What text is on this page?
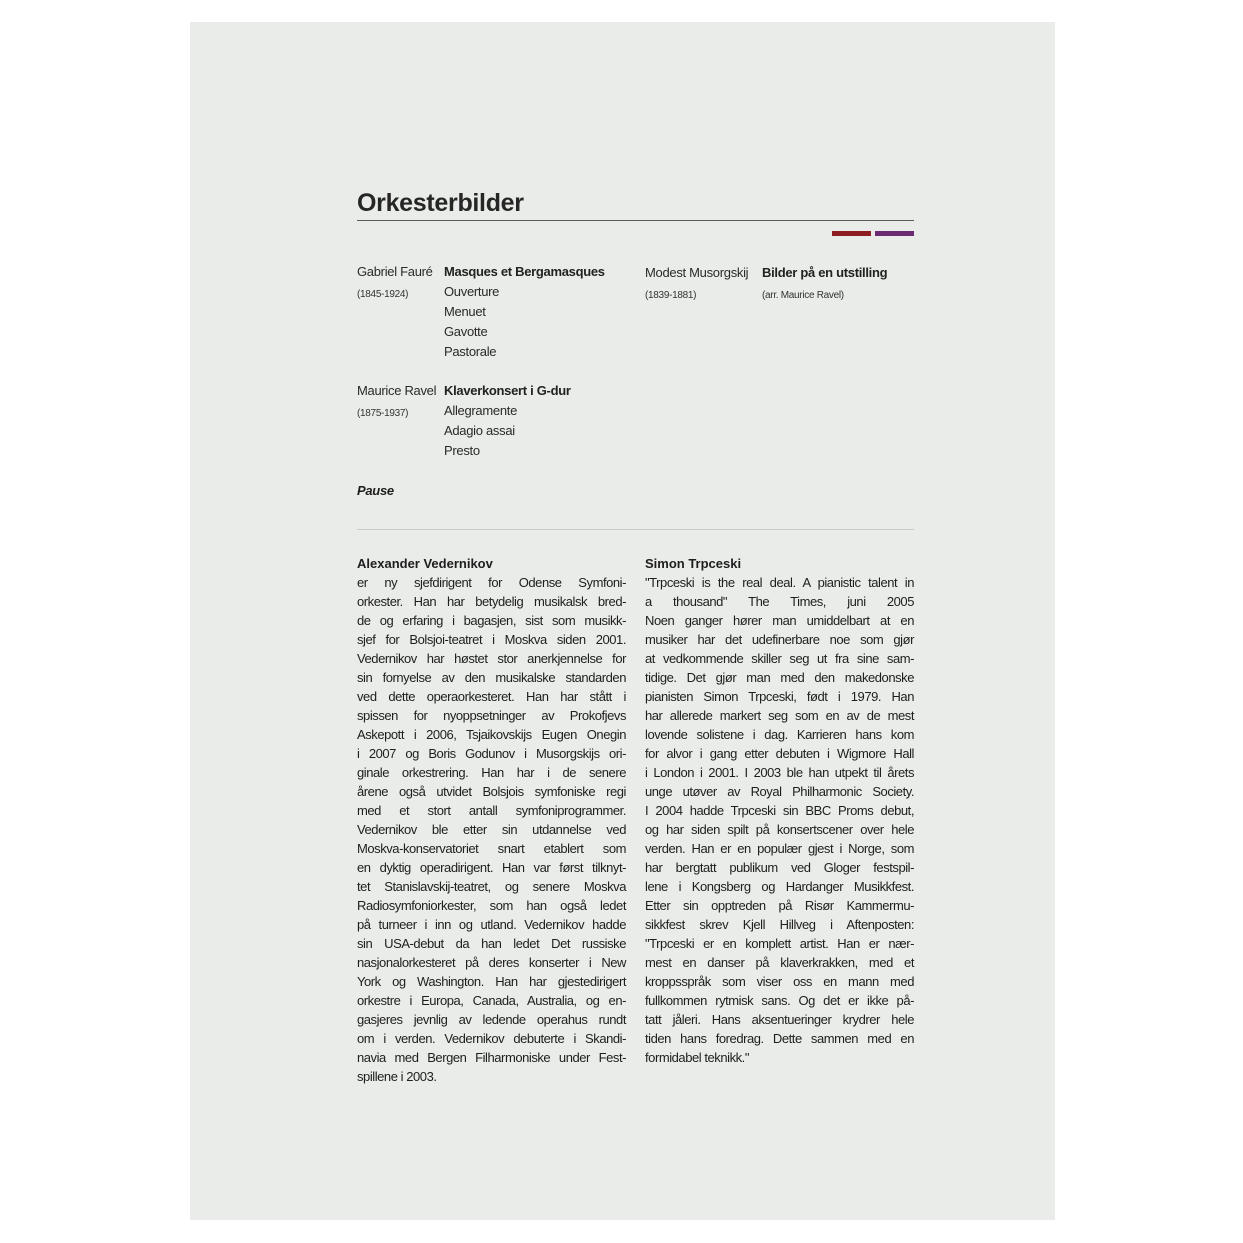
Orkesterbilder
Gabriel Fauré
(1845-1924)
Masques et Bergamasques
Ouverture
Menuet
Gavotte
Pastorale
Maurice Ravel
(1875-1937)
Klaverkonsert i G-dur
Allegramente
Adagio assai
Presto
Pause
Modest Musorgskij
(1839-1881)
Bilder på en utstilling
(arr. Maurice Ravel)
Alexander Vedernikov
er ny sjefdirigent for Odense Symfoni-
orkester. Han har betydelig musikalsk bred-
de og erfaring i bagasjen, sist som musikk-
sjef for Bolsjoi-teatret i Moskva siden 2001.
Vedernikov har høstet stor anerkjennelse for
sin fornyelse av den musikalske standarden
ved dette operaorkesteret. Han har stått i
spissen for nyoppsetninger av Prokofjevs
Askepott i 2006, Tsjaikovskijs Eugen Onegin
i 2007 og Boris Godunov i Musorgskijs ori-
ginale orkestrering. Han har i de senere
årene også utvidet Bolsjois symfoniske regi
med et stort antall symfoniprogrammer.
Vedernikov ble etter sin utdannelse ved
Moskva-konservatoriet snart etablert som
en dyktig operadirigent. Han var først tilknyt-
tet Stanislavskij-teatret, og senere Moskva
Radiosymfoniorkester, som han også ledet
på turneer i inn og utland. Vedernikov hadde
sin USA-debut da han ledet Det russiske
nasjonalorkesteret på deres konserter i New
York og Washington. Han har gjestedirigert
orkestre i Europa, Canada, Australia, og en-
gasjeres jevnlig av ledende operahus rundt
om i verden. Vedernikov debuterte i Skandi-
navia med Bergen Filharmoniske under Fest-
spillene i 2003.
Simon Trpceski
"Trpceski is the real deal. A pianistic talent in
a thousand" The Times, juni 2005
Noen ganger hører man umiddelbart at en
musiker har det udefinerbare noe som gjør
at vedkommende skiller seg ut fra sine sam-
tidige. Det gjør man med den makedonske
pianisten Simon Trpceski, født i 1979. Han
har allerede markert seg som en av de mest
lovende solistene i dag. Karrieren hans kom
for alvor i gang etter debuten i Wigmore Hall
i London i 2001. I 2003 ble han utpekt til årets
unge utøver av Royal Philharmonic Society.
I 2004 hadde Trpceski sin BBC Proms debut,
og har siden spilt på konsertscener over hele
verden. Han er en populær gjest i Norge, som
har bergtatt publikum ved Gloger festspil-
lene i Kongsberg og Hardanger Musikkfest.
Etter sin opptreden på Risør Kammermu-
sikkfest skrev Kjell Hillveg i Aftenposten:
"Trpceski er en komplett artist. Han er nær-
mest en danser på klaverkrakken, med et
kroppsspråk som viser oss en mann med
fullkommen rytmisk sans. Og det er ikke på-
tatt jåleri. Hans aksentueringer krydrer hele
tiden hans foredrag. Dette sammen med en
formidabel teknikk."
